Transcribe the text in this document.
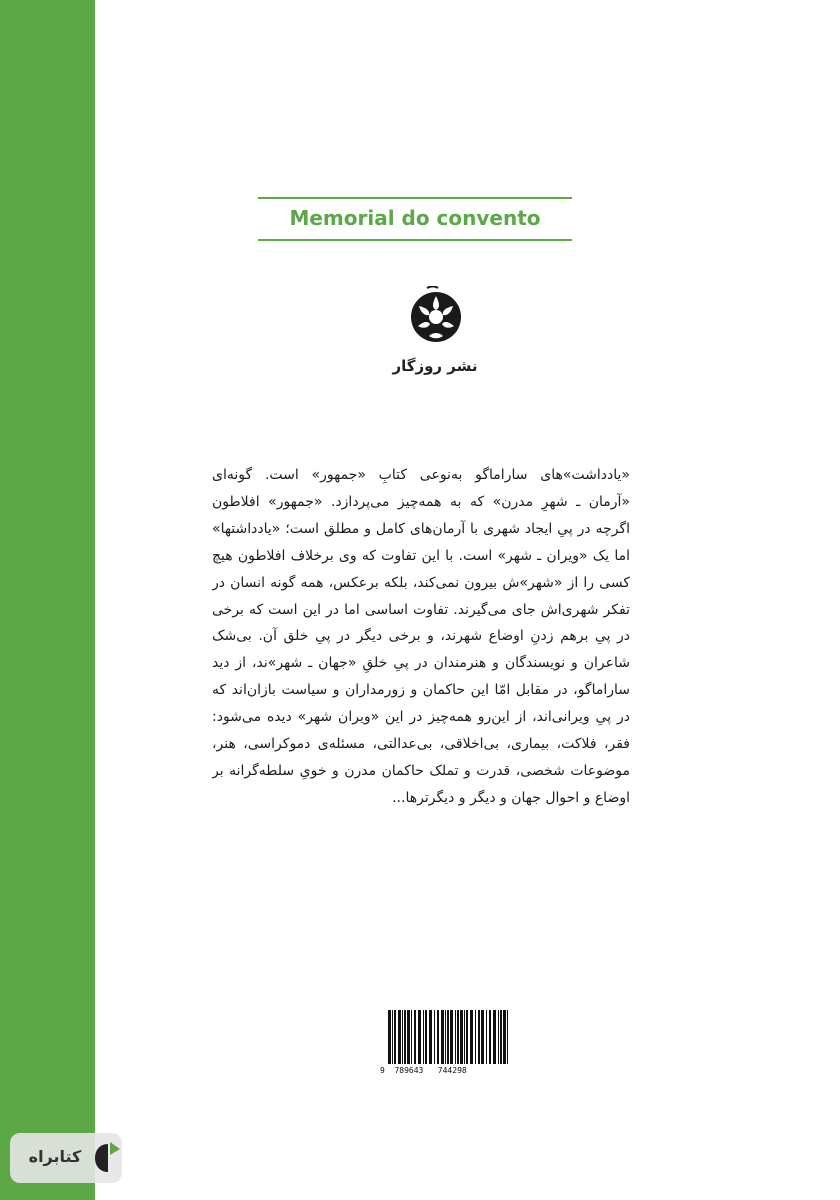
Memorial do convento
نشر روزگار
«یادداشت»های ساراماگو به‌نوعی کتابِ «جمهور» است. گونه‌ای
«آرمان ـ شهرِ مدرن» که به همه‌چیز می‌پردازد. «جمهور» افلاطون
اگرچه در پیِ ایجاد شهری با آرمان‌های کامل و مطلق است؛ «یادداشتها»
اما یک «ویران ـ شهر» است. با این تفاوت که وی برخلاف افلاطون هیچ
کسی را از «شهر»ش بیرون نمی‌کند، بلکه برعکس، همه گونه انسان در
تفکر شهری‌اش جای می‌گیرند. تفاوت اساسی اما در این است که برخی
در پیِ برهم زدنِ اوضاع شهرند، و برخی دیگر در پیِ خلق آن. بی‌شک
شاعران و نویسندگان و هنرمندان در پیِ خلقِ «جهان ـ شهر»ند، از دید
ساراماگو، در مقابل امّا این حاکمان و زورمداران و سیاست بازان‌اند که
در پیِ ویرانی‌اند، از این‌رو همه‌چیز در این «ویران شهر» دیده می‌شود:
فقر، فلاکت، بیماری، بی‌اخلاقی، بی‌عدالتی، مسئله‌ی دموکراسی، هنر،
موضوعات شخصی، قدرت و تملک حاکمان مدرن و خویِ سلطه‌گرانه بر
اوضاع و احوال جهان و دیگر و دیگرترها...
9  789643   744298
کتابراه
